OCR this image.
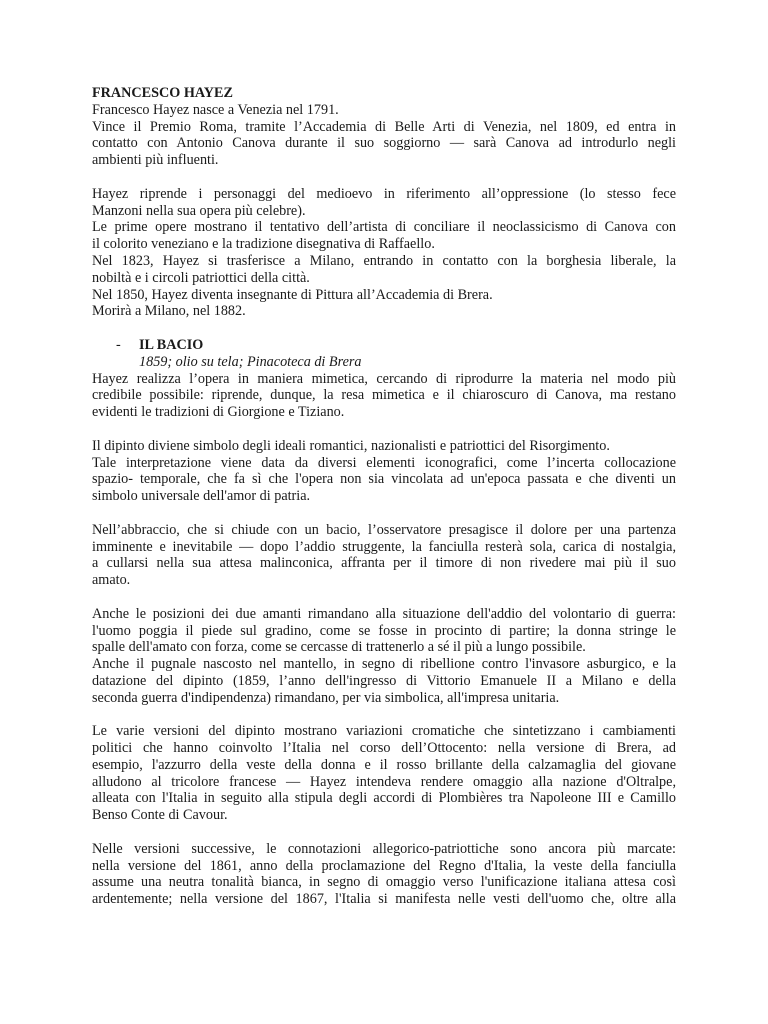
FRANCESCO HAYEZ

Francesco Hayez nasce a Venezia nel 1791.

Vince il Premio Roma, tramite l’Accademia di Belle Arti di Venezia, nel 1809, ed entra in

contatto con Antonio Canova durante il suo soggiorno — sarà Canova ad introdurlo negli

ambienti più influenti.

Hayez riprende i personaggi del medioevo in riferimento all’oppressione (lo stesso fece

Manzoni nella sua opera più celebre).

Le prime opere mostrano il tentativo dell’artista di conciliare il neoclassicismo di Canova con

il colorito veneziano e la tradizione disegnativa di Raffaello.

Nel 1823, Hayez si trasferisce a Milano, entrando in contatto con la borghesia liberale, la

nobiltà e i circoli patriottici della città.

Nel 1850, Hayez diventa insegnante di Pittura all’Accademia di Brera.

Morirà a Milano, nel 1882.

-	IL BACIO

1859; olio su tela; Pinacoteca di Brera

Hayez realizza l’opera in maniera mimetica, cercando di riprodurre la materia nel modo più

credibile possibile: riprende, dunque, la resa mimetica e il chiaroscuro di Canova, ma restano

evidenti le tradizioni di Giorgione e Tiziano.

Il dipinto diviene simbolo degli ideali romantici, nazionalisti e patriottici del Risorgimento.

Tale interpretazione viene data da diversi elementi iconografici, come l’incerta collocazione

spazio- temporale, che fa sì che l'opera non sia vincolata ad un'epoca passata e che diventi un

simbolo universale dell'amor di patria.

Nell’abbraccio, che si chiude con un bacio, l’osservatore presagisce il dolore per una partenza

imminente e inevitabile — dopo l’addio struggente, la fanciulla resterà sola, carica di nostalgia,

a cullarsi nella sua attesa malinconica, affranta per il timore di non rivedere mai più il suo

amato.

Anche le posizioni dei due amanti rimandano alla situazione dell'addio del volontario di guerra:

l'uomo poggia il piede sul gradino, come se fosse in procinto di partire; la donna stringe le

spalle dell'amato con forza, come se cercasse di trattenerlo a sé il più a lungo possibile.

Anche il pugnale nascosto nel mantello, in segno di ribellione contro l'invasore asburgico, e la

datazione del dipinto (1859, l’anno dell'ingresso di Vittorio Emanuele II a Milano e della

seconda guerra d'indipendenza) rimandano, per via simbolica, all'impresa unitaria.

Le varie versioni del dipinto mostrano variazioni cromatiche che sintetizzano i cambiamenti

politici che hanno coinvolto l’Italia nel corso dell’Ottocento: nella versione di Brera, ad

esempio, l'azzurro della veste della donna e il rosso brillante della calzamaglia del giovane

alludono al tricolore francese — Hayez intendeva rendere omaggio alla nazione d'Oltralpe,

alleata con l'Italia in seguito alla stipula degli accordi di Plombières tra Napoleone III e Camillo

Benso Conte di Cavour.

Nelle versioni successive, le connotazioni allegorico-patriottiche sono ancora più marcate:

nella versione del 1861, anno della proclamazione del Regno d'Italia, la veste della fanciulla

assume una neutra tonalità bianca, in segno di omaggio verso l'unificazione italiana attesa così

ardentemente; nella versione del 1867, l'Italia si manifesta nelle vesti dell'uomo che, oltre alla
